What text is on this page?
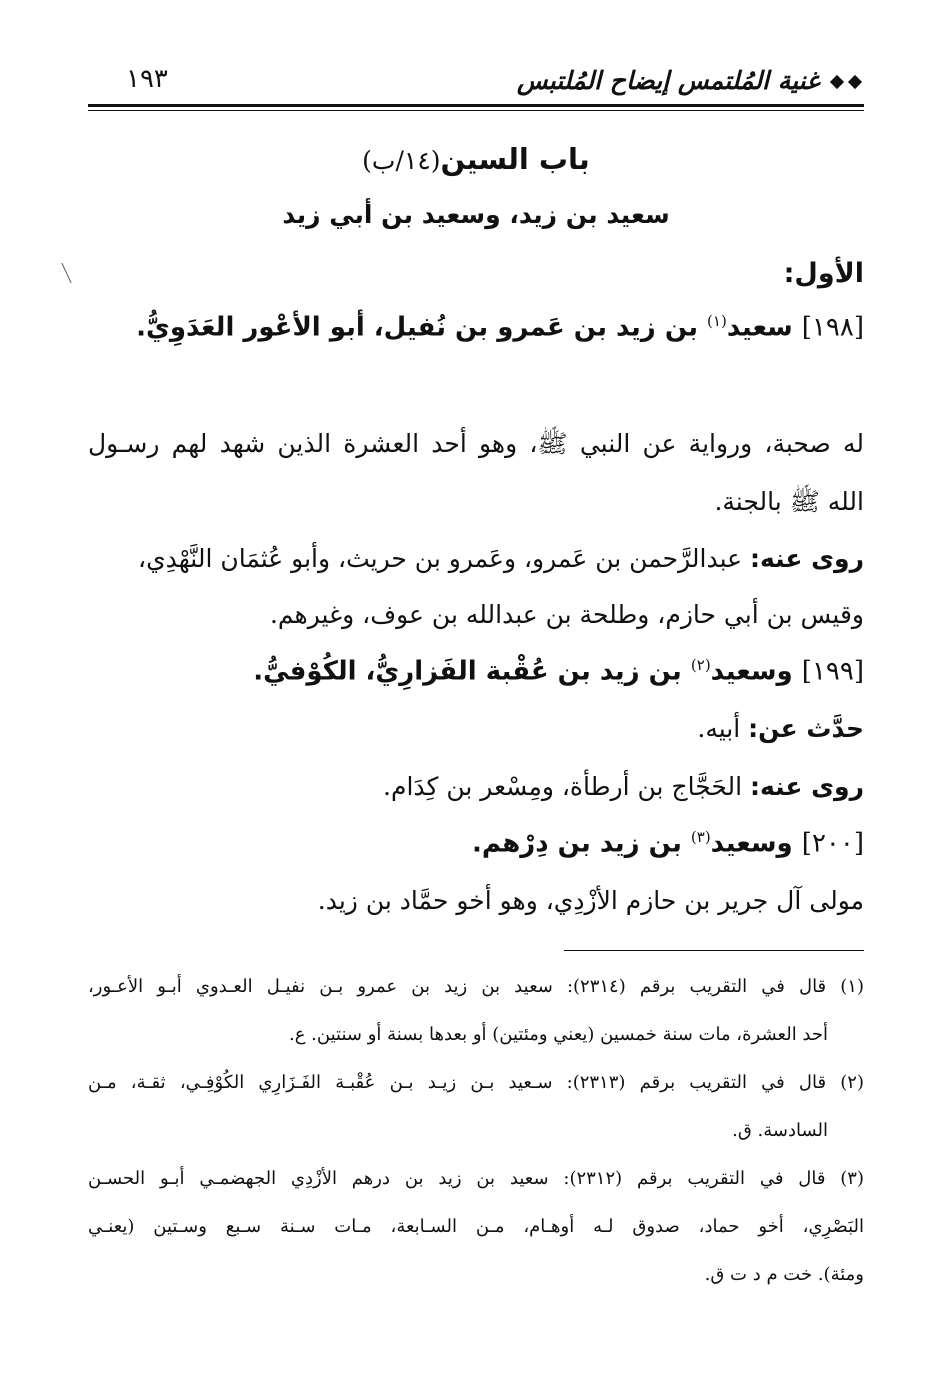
غنية المُلتمس إيضاح المُلتبس
١٩٣
باب السين(١٤/ب)
سعيد بن زيد، وسعيد بن أبي زيد
الأول:
[١٩٨] سعيد$^{(١)}$ بن زيد بن عَمرو بن نُفيل، أبو الأعْور العَدَوِيُّ.
له صحبة، ورواية عن النبي ﷺ، وهو أحد العشرة الذين شهد لهم رسـول
الله ﷺ بالجنة.
روى عنه: عبدالرَّحمن بن عَمرو، وعَمرو بن حريث، وأبو عُثمَان النَّهْدِي،
وقيس بن أبي حازم، وطلحة بن عبدالله بن عوف، وغيرهم.
[١٩٩] وسعيد$^{(٢)}$ بن زيد بن عُقْبة الفَزارِيُّ، الكُوْفيُّ.
حدَّث عن: أبيه.
روى عنه: الحَجَّاج بن أرطأة، ومِسْعر بن كِدَام.
[٢٠٠] وسعيد$^{(٣)}$ بن زيد بن دِرْهم.
مولى آل جرير بن حازم الأزْدِي، وهو أخو حمَّاد بن زيد.
(١) قال في التقريب برقم (٢٣١٤): سعيد بن زيد بن عمرو بـن نفيـل العـدوي أبـو الأعـور،
أحد العشرة، مات سنة خمسين (يعني ومئتين) أو بعدها بسنة أو سنتين. ع.
(٢) قال في التقريب برقم (٢٣١٣): سـعيد بـن زيـد بـن عُقْبـة الفَـزَارِي الكُوْفِـي، ثقـة، مـن
السادسة. ق.
(٣) قال في التقريب برقم (٢٣١٢): سعيد بن زيد بن درهم الأزْدِي الجهضمـي أبـو الحسـن
البَصْرِي، أخو حماد، صدوق لـه أوهـام، مـن السـابعة، مـات سـنة سـبع وسـتين (يعنـي
ومئة). خت م د ت ق.
